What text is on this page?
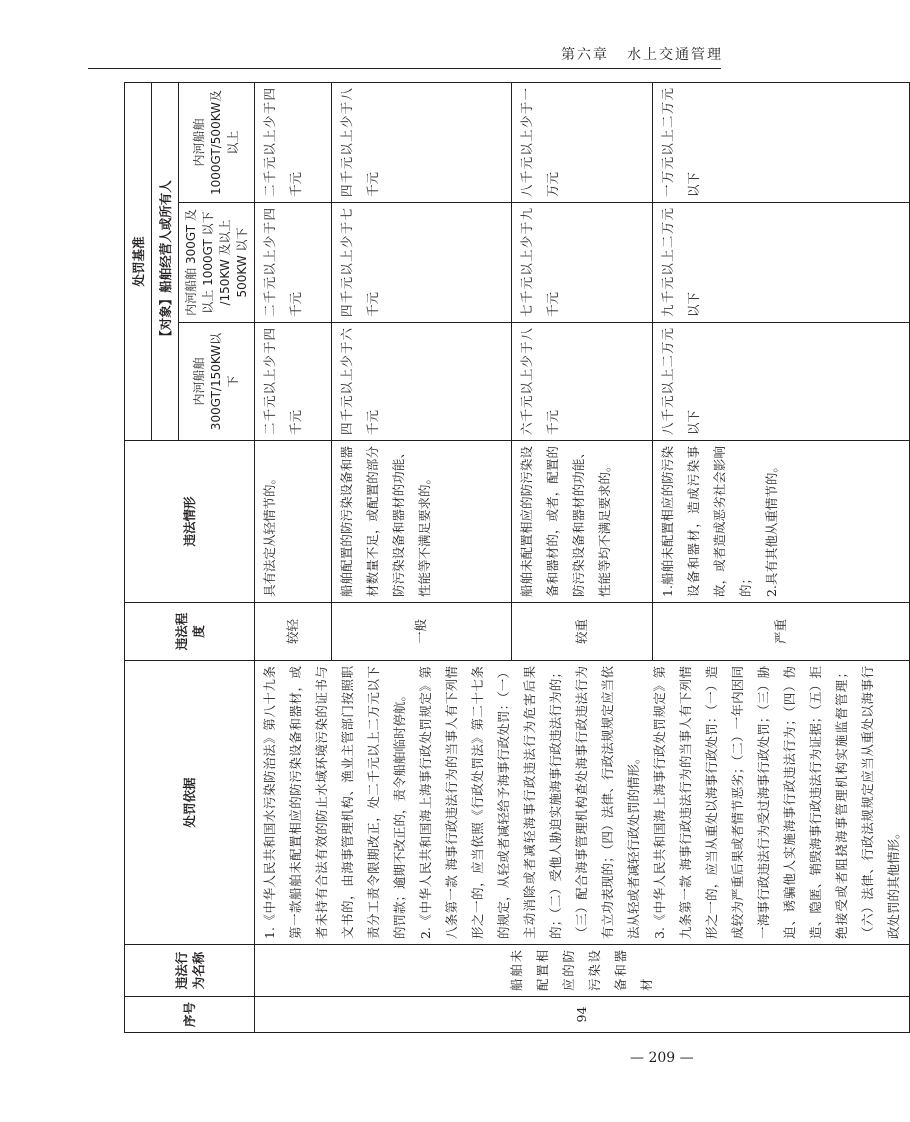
第六章 水上交通管理
序号	违法行为名称	处罚依据	违法程度	违法情形	处罚基准		
					【对象】船舶经营人或所有人		
					内河船舶300GT/150KW以下	内河船舶 300GT 及以上 1000GT 以下 /150KW 及以上 500KW 以下	内河船舶1000GT/500KW及以上
94	船舶未配置相应的防污染设备和器材	1.《中华人民共和国水污染防治法》第八十九条第一款船舶未配置相应的防污染设备和器材，或者未持有合法有效的防止水域环境污染的证书与文书的，由海事管理机构、渔业主管部门按照职责分工责令限期改正，处二千元以上二万元以下的罚款；逾期不改正的，责令船舶临时停航。 2.《中华人民共和国海上海事行政处罚规定》第八条第一款 海事行政违法行为的当事人有下列情形之一的，应当依照《行政处罚法》第二十七条的规定，从轻或者减轻给予海事行政处罚：（一）主动消除或者减轻海事行政违法行为危害后果的；（二）受他人胁迫实施海事行政违法行为的；（三）配合海事管理机构查处海事行政违法行为有立功表现的；（四）法律、行政法规规定应当依法从轻或者减轻行政处罚的情形。 3.《中华人民共和国海上海事行政处罚规定》第九条第一款 海事行政违法行为的当事人有下列情形之一的，应当从重处以海事行政处罚：（一）造成较为严重后果或者情节恶劣；（二）一年内因同一海事行政违法行为受过海事行政处罚；（三）胁迫、诱骗他人实施海事行政违法行为；（四）伪造、隐匿、销毁海事行政违法行为证据；（五）拒绝接受或者阻挠海事管理机构实施监督管理；（六）法律、行政法规规定应当从重处以海事行政处罚的其他情形。	较轻	具有法定从轻情节的。	二千元以上少于四千元	二千元以上少于四千元	二千元以上少于四千元
			一般	船舶配置的防污染设备和器材数量不足，或配置的部分防污染设备和器材的功能、性能等不满足要求的。	四千元以上少于六千元	四千元以上少于七千元	四千元以上少于八千元
			较重	船舶未配置相应的防污染设备和器材的，或者，配置的防污染设备和器材的功能、性能等均不满足要求的。	六千元以上少于八千元	七千元以上少于九千元	八千元以上少于一万元
			严重	1.船舶未配置相应的防污染设备和器材，造成污染事故，或者造成恶劣社会影响的； 2.具有其他从重情节的。	八千元以上二万元以下	九千元以上二万元以下	一万元以上二万元以下
— 209 —
